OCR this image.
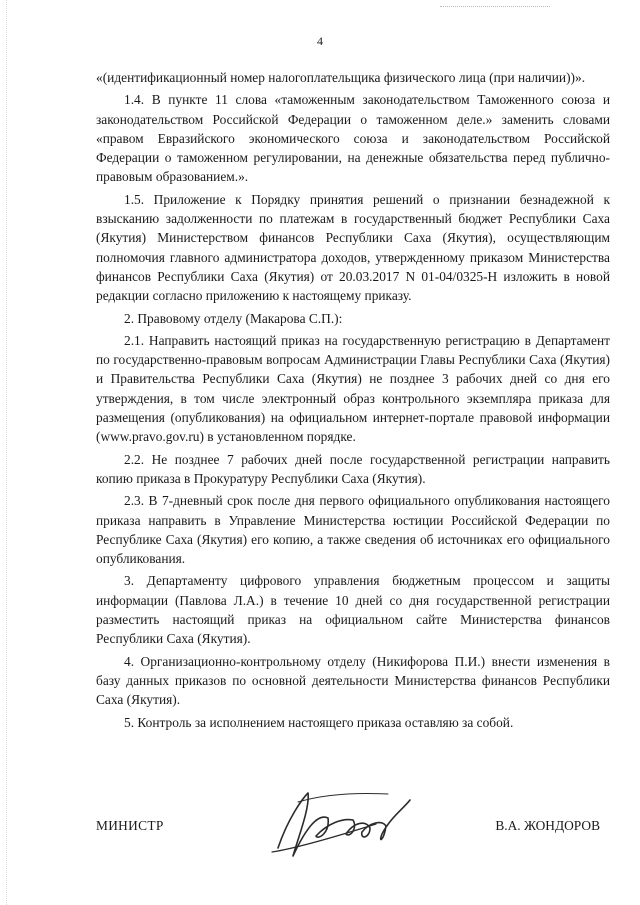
4

«(идентификационный номер налогоплательщика физического лица (при наличии))».

1.4. В пункте 11 слова «таможенным законодательством Таможенного союза и законодательством Российской Федерации о таможенном деле.» заменить словами «правом Евразийского экономического союза и законодательством Российской Федерации о таможенном регулировании, на денежные обязательства перед публично-правовым образованием.».

1.5. Приложение к Порядку принятия решений о признании безнадежной к взысканию задолженности по платежам в государственный бюджет Республики Саха (Якутия) Министерством финансов Республики Саха (Якутия), осуществляющим полномочия главного администратора доходов, утвержденному приказом Министерства финансов Республики Саха (Якутия) от 20.03.2017 N 01-04/0325-Н изложить в новой редакции согласно приложению к настоящему приказу.

2. Правовому отделу (Макарова С.П.):

2.1. Направить настоящий приказ на государственную регистрацию в Департамент по государственно-правовым вопросам Администрации Главы Республики Саха (Якутия) и Правительства Республики Саха (Якутия) не позднее 3 рабочих дней со дня его утверждения, в том числе электронный образ контрольного экземпляра приказа для размещения (опубликования) на официальном интернет-портале правовой информации (www.pravo.gov.ru) в установленном порядке.

2.2. Не позднее 7 рабочих дней после государственной регистрации направить копию приказа в Прокуратуру Республики Саха (Якутия).

2.3. В 7-дневный срок после дня первого официального опубликования настоящего приказа направить в Управление Министерства юстиции Российской Федерации по Республике Саха (Якутия) его копию, а также сведения об источниках его официального опубликования.

3. Департаменту цифрового управления бюджетным процессом и защиты информации (Павлова Л.А.) в течение 10 дней со дня государственной регистрации разместить настоящий приказ на официальном сайте Министерства финансов Республики Саха (Якутия).

4. Организационно-контрольному отделу (Никифорова П.И.) внести изменения в базу данных приказов по основной деятельности Министерства финансов Республики Саха (Якутия).

5. Контроль за исполнением настоящего приказа оставляю за собой.

МИНИСТР	В.А. ЖОНДОРОВ
